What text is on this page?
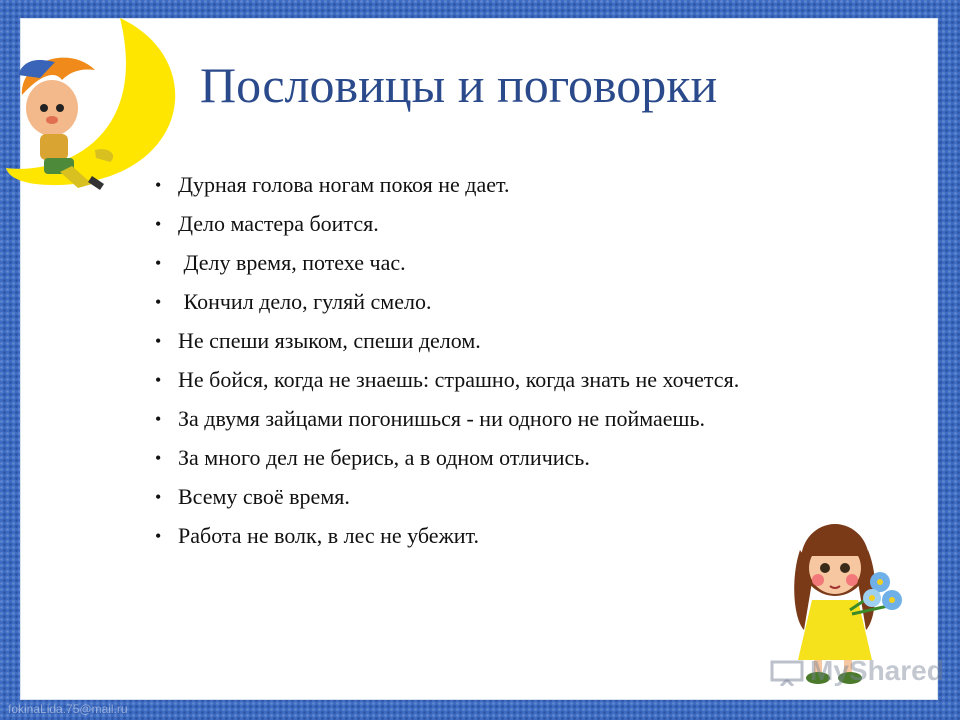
Пословицы и поговорки
• Дурная голова ногам покоя не дает.
• Дело мастера боится.
• Делу время, потехе час.
• Кончил дело, гуляй смело.
• Не спеши языком, спеши делом.
• Не бойся, когда не знаешь: страшно, когда знать не хочется.
• За двумя зайцами погонишься - ни одного не поймаешь.
• За много дел не берись, а в одном отличись.
• Всему своё время.
• Работа не волк, в лес не убежит.
MyShared
fokinaLida.75@mail.ru
